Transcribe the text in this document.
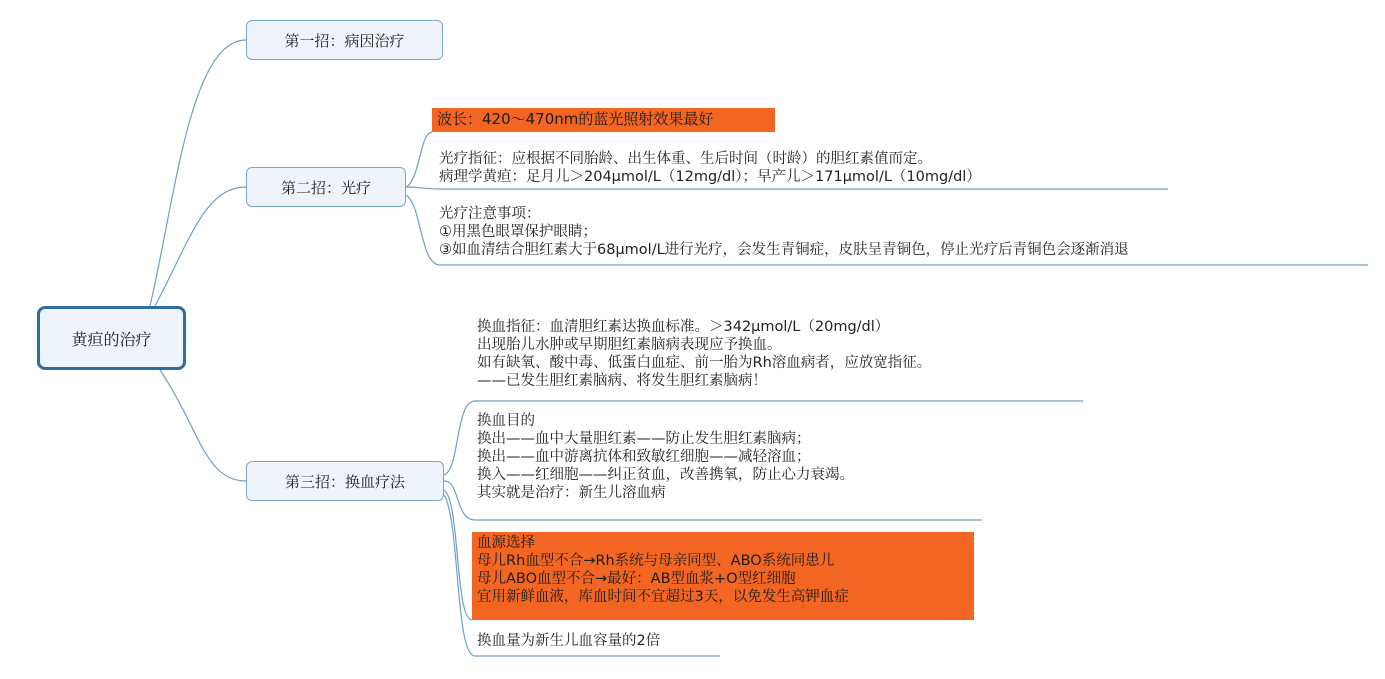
黄疸的治疗
第一招：病因治疗
第二招：光疗
第三招：换血疗法
波长：420～470nm的蓝光照射效果最好
光疗指征：应根据不同胎龄、出生体重、生后时间（时龄）的胆红素值而定。
病理学黄疸：足月儿＞204μmol/L（12mg/dl）；早产儿＞171μmol/L（10mg/dl）
光疗注意事项：
①用黑色眼罩保护眼睛；
③如血清结合胆红素大于68μmol/L进行光疗，会发生青铜症，皮肤呈青铜色，停止光疗后青铜色会逐渐消退
换血指征：血清胆红素达换血标准。＞342μmol/L（20mg/dl）
出现胎儿水肿或早期胆红素脑病表现应予换血。
如有缺氧、酸中毒、低蛋白血症、前一胎为Rh溶血病者，应放宽指征。
——已发生胆红素脑病、将发生胆红素脑病！
换血目的
换出——血中大量胆红素——防止发生胆红素脑病；
换出——血中游离抗体和致敏红细胞——减轻溶血；
换入——红细胞——纠正贫血，改善携氧，防止心力衰竭。
其实就是治疗：新生儿溶血病
血源选择
母儿Rh血型不合→Rh系统与母亲同型、ABO系统同患儿
母儿ABO血型不合→最好：AB型血浆+O型红细胞
宜用新鲜血液，库血时间不宜超过3天，以免发生高钾血症
换血量为新生儿血容量的2倍
